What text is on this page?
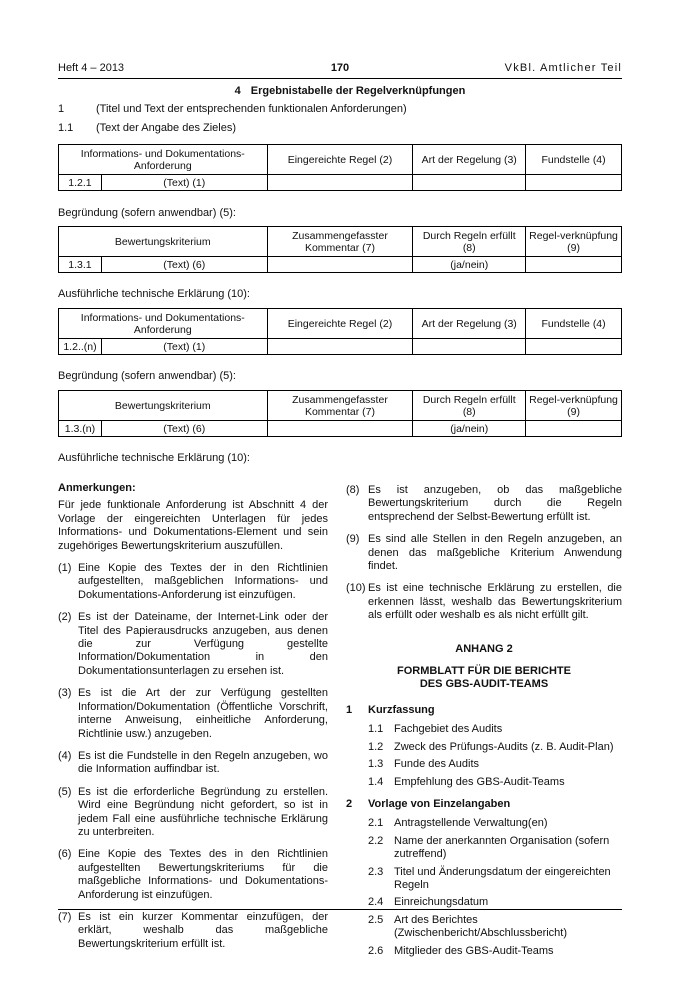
Heft 4 – 2013	170	VkBl. Amtlicher Teil
4 Ergebnistabelle der Regelverknüpfungen
1	(Titel und Text der entsprechenden funktionalen Anforderungen)
1.1 (Text der Angabe des Zieles)
Informations- und Dokumentations-Anforderung		Eingereichte Regel (2)	Art der Regelung (3)	Fundstelle (4)
1.2.1	(Text) (1)			
Begründung (sofern anwendbar) (5):
Bewertungskriterium		Zusammengefasster Kommentar (7)	Durch Regeln erfüllt (8)	Regel-verknüpfung (9)
1.3.1	(Text) (6)		(ja/nein)	
Ausführliche technische Erklärung (10):
Informations- und Dokumentations-Anforderung		Eingereichte Regel (2)	Art der Regelung (3)	Fundstelle (4)
1.2..(n)	(Text) (1)			
Begründung (sofern anwendbar) (5):
Bewertungskriterium		Zusammengefasster Kommentar (7)	Durch Regeln erfüllt (8)	Regel-verknüpfung (9)
1.3.(n)	(Text) (6)		(ja/nein)	
Ausführliche technische Erklärung (10):

Anmerkungen:

Für jede funktionale Anforderung ist Abschnitt 4 der Vorlage der eingereichten Unterlagen für jedes Informations- und Dokumentations-Element und sein zugehöriges Bewertungskriterium auszufüllen.

(1) Eine Kopie des Textes der in den Richtlinien aufgestellten, maßgeblichen Informations- und Dokumentations-Anforderung ist einzufügen.
(2) Es ist der Dateiname, der Internet-Link oder der Titel des Papierausdrucks anzugeben, aus denen die zur Verfügung gestellte Information/Dokumentation in den Dokumentationsunterlagen zu ersehen ist.
(3) Es ist die Art der zur Verfügung gestellten Information/Dokumentation (Öffentliche Vorschrift, interne Anweisung, einheitliche Anforderung, Richtlinie usw.) anzugeben.
(4) Es ist die Fundstelle in den Regeln anzugeben, wo die Information auffindbar ist.
(5) Es ist die erforderliche Begründung zu erstellen. Wird eine Begründung nicht gefordert, so ist in jedem Fall eine ausführliche technische Erklärung zu unterbreiten.
(6) Eine Kopie des Textes des in den Richtlinien aufgestellten Bewertungskriteriums für die maßgebliche Informations- und Dokumentations-Anforderung ist einzufügen.
(7) Es ist ein kurzer Kommentar einzufügen, der erklärt, weshalb das maßgebliche Bewertungskriterium erfüllt ist.
(8) Es ist anzugeben, ob das maßgebliche Bewertungskriterium durch die Regeln entsprechend der Selbst-Bewertung erfüllt ist.
(9) Es sind alle Stellen in den Regeln anzugeben, an denen das maßgebliche Kriterium Anwendung findet.
(10) Es ist eine technische Erklärung zu erstellen, die erkennen lässt, weshalb das Bewertungskriterium als erfüllt oder weshalb es als nicht erfüllt gilt.

ANHANG 2

FORMBLATT FÜR DIE BERICHTE

DES GBS-AUDIT-TEAMS

1 Kurzfassung
1.1 Fachgebiet des Audits
1.2 Zweck des Prüfungs-Audits (z. B. Audit-Plan)
1.3 Funde des Audits
1.4 Empfehlung des GBS-Audit-Teams
2 Vorlage von Einzelangaben
2.1 Antragstellende Verwaltung(en)
2.2 Name der anerkannten Organisation (sofern zutreffend)
2.3 Titel und Änderungsdatum der eingereichten Regeln
2.4 Einreichungsdatum
2.5 Art des Berichtes (Zwischenbericht/Abschlussbericht)
2.6 Mitglieder des GBS-Audit-Teams
